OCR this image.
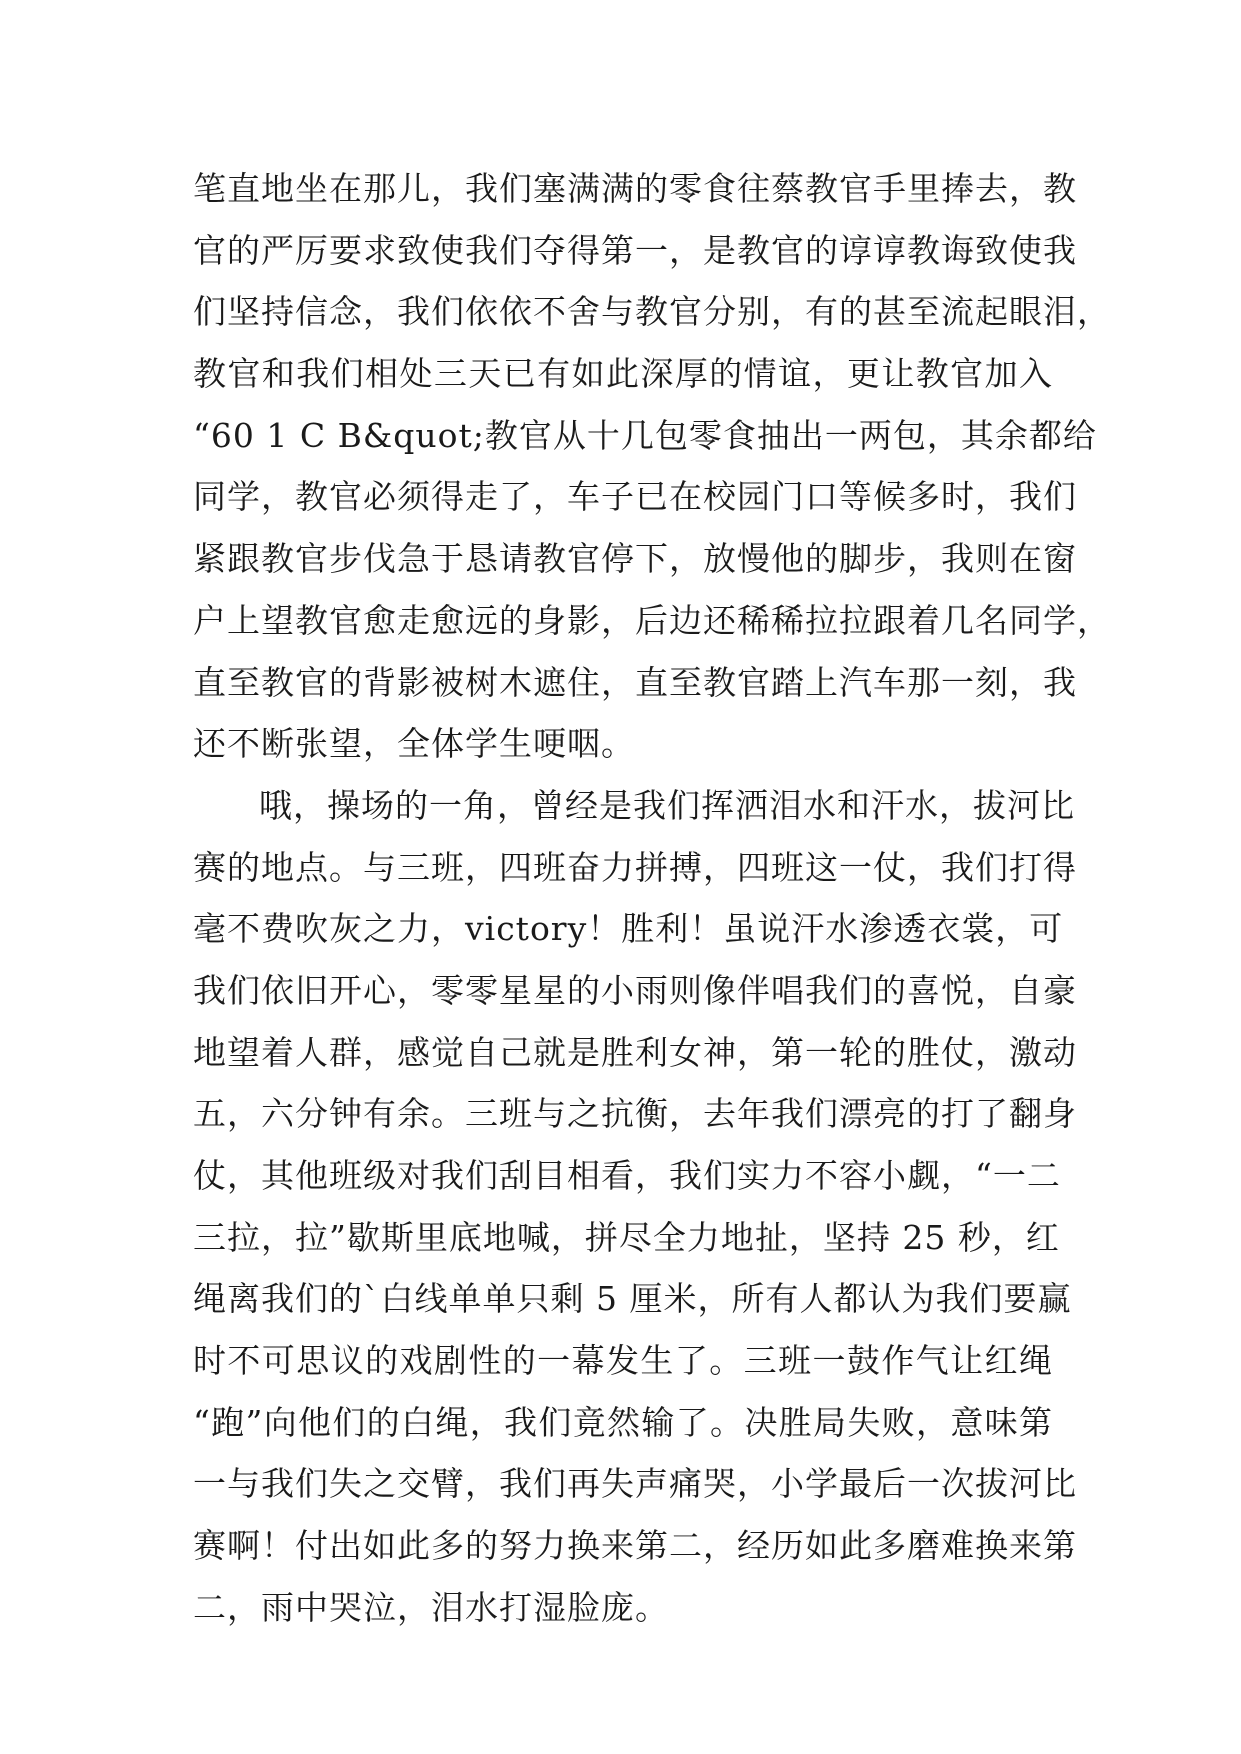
笔直地坐在那儿，我们塞满满的零食往蔡教官手里捧去，教
官的严厉要求致使我们夺得第一，是教官的谆谆教诲致使我
们坚持信念，我们依依不舍与教官分别，有的甚至流起眼泪，
教官和我们相处三天已有如此深厚的情谊，更让教官加入
“60 1 C B&quot;教官从十几包零食抽出一两包，其余都给
同学，教官必须得走了，车子已在校园门口等候多时，我们
紧跟教官步伐急于恳请教官停下，放慢他的脚步，我则在窗
户上望教官愈走愈远的身影，后边还稀稀拉拉跟着几名同学，
直至教官的背影被树木遮住，直至教官踏上汽车那一刻，我
还不断张望，全体学生哽咽。
哦，操场的一角，曾经是我们挥洒泪水和汗水，拔河比
赛的地点。与三班，四班奋力拼搏，四班这一仗，我们打得
毫不费吹灰之力，victory！胜利！虽说汗水渗透衣裳，可
我们依旧开心，零零星星的小雨则像伴唱我们的喜悦，自豪
地望着人群，感觉自己就是胜利女神，第一轮的胜仗，激动
五，六分钟有余。三班与之抗衡，去年我们漂亮的打了翻身
仗，其他班级对我们刮目相看，我们实力不容小觑，“一二
三拉，拉”歇斯里底地喊，拼尽全力地扯，坚持 25 秒，红
绳离我们的`白线单单只剩 5 厘米，所有人都认为我们要赢
时不可思议的戏剧性的一幕发生了。三班一鼓作气让红绳
“跑”向他们的白绳，我们竟然输了。决胜局失败，意味第
一与我们失之交臂，我们再失声痛哭，小学最后一次拔河比
赛啊！付出如此多的努力换来第二，经历如此多磨难换来第
二，雨中哭泣，泪水打湿脸庞。
